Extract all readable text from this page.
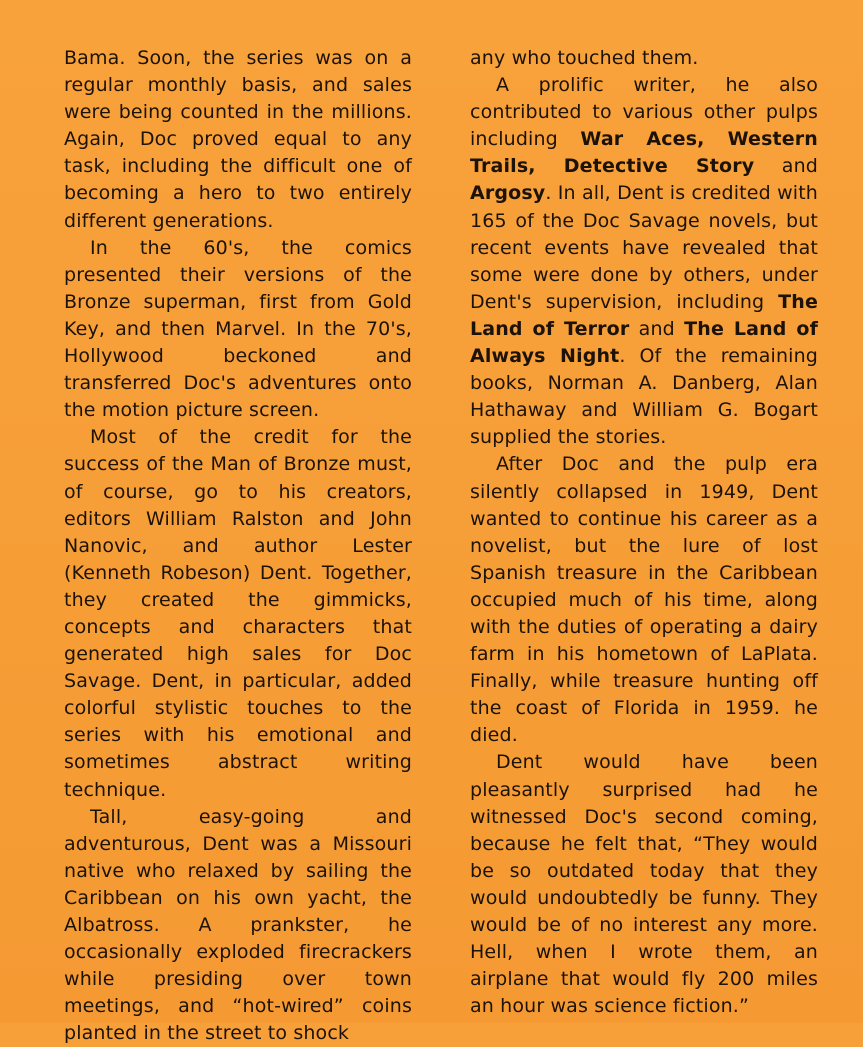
Bama. Soon, the series was on a regular monthly basis, and sales were being counted in the millions. Again, Doc proved equal to any task, including the difficult one of becoming a hero to two entirely different generations.

In the 60's, the comics presented their versions of the Bronze superman, first from Gold Key, and then Marvel. In the 70's, Hollywood beckoned and transferred Doc's adventures onto the motion picture screen.

Most of the credit for the success of the Man of Bronze must, of course, go to his creators, editors William Ralston and John Nanovic, and author Lester (Kenneth Robeson) Dent. Together, they created the gimmicks, concepts and characters that generated high sales for Doc Savage. Dent, in particular, added colorful stylistic touches to the series with his emotional and sometimes abstract writing technique.

Tall, easy-going and adventurous, Dent was a Missouri native who relaxed by sailing the Caribbean on his own yacht, the Albatross. A prankster, he occasionally exploded firecrackers while presiding over town meetings, and “hot-wired” coins planted in the street to shock

any who touched them.

A prolific writer, he also contributed to various other pulps including War Aces, Western Trails, Detective Story and Argosy. In all, Dent is credited with 165 of the Doc Savage novels, but recent events have revealed that some were done by others, under Dent's supervision, including The Land of Terror and The Land of Always Night. Of the remaining books, Norman A. Danberg, Alan Hathaway and William G. Bogart supplied the stories.

After Doc and the pulp era silently collapsed in 1949, Dent wanted to continue his career as a novelist, but the lure of lost Spanish treasure in the Caribbean occupied much of his time, along with the duties of operating a dairy farm in his hometown of LaPlata. Finally, while treasure hunting off the coast of Florida in 1959. he died.

Dent would have been pleasantly surprised had he witnessed Doc's second coming, because he felt that, “They would be so outdated today that they would undoubtedly be funny. They would be of no interest any more. Hell, when I wrote them, an airplane that would fly 200 miles an hour was science fiction.”
